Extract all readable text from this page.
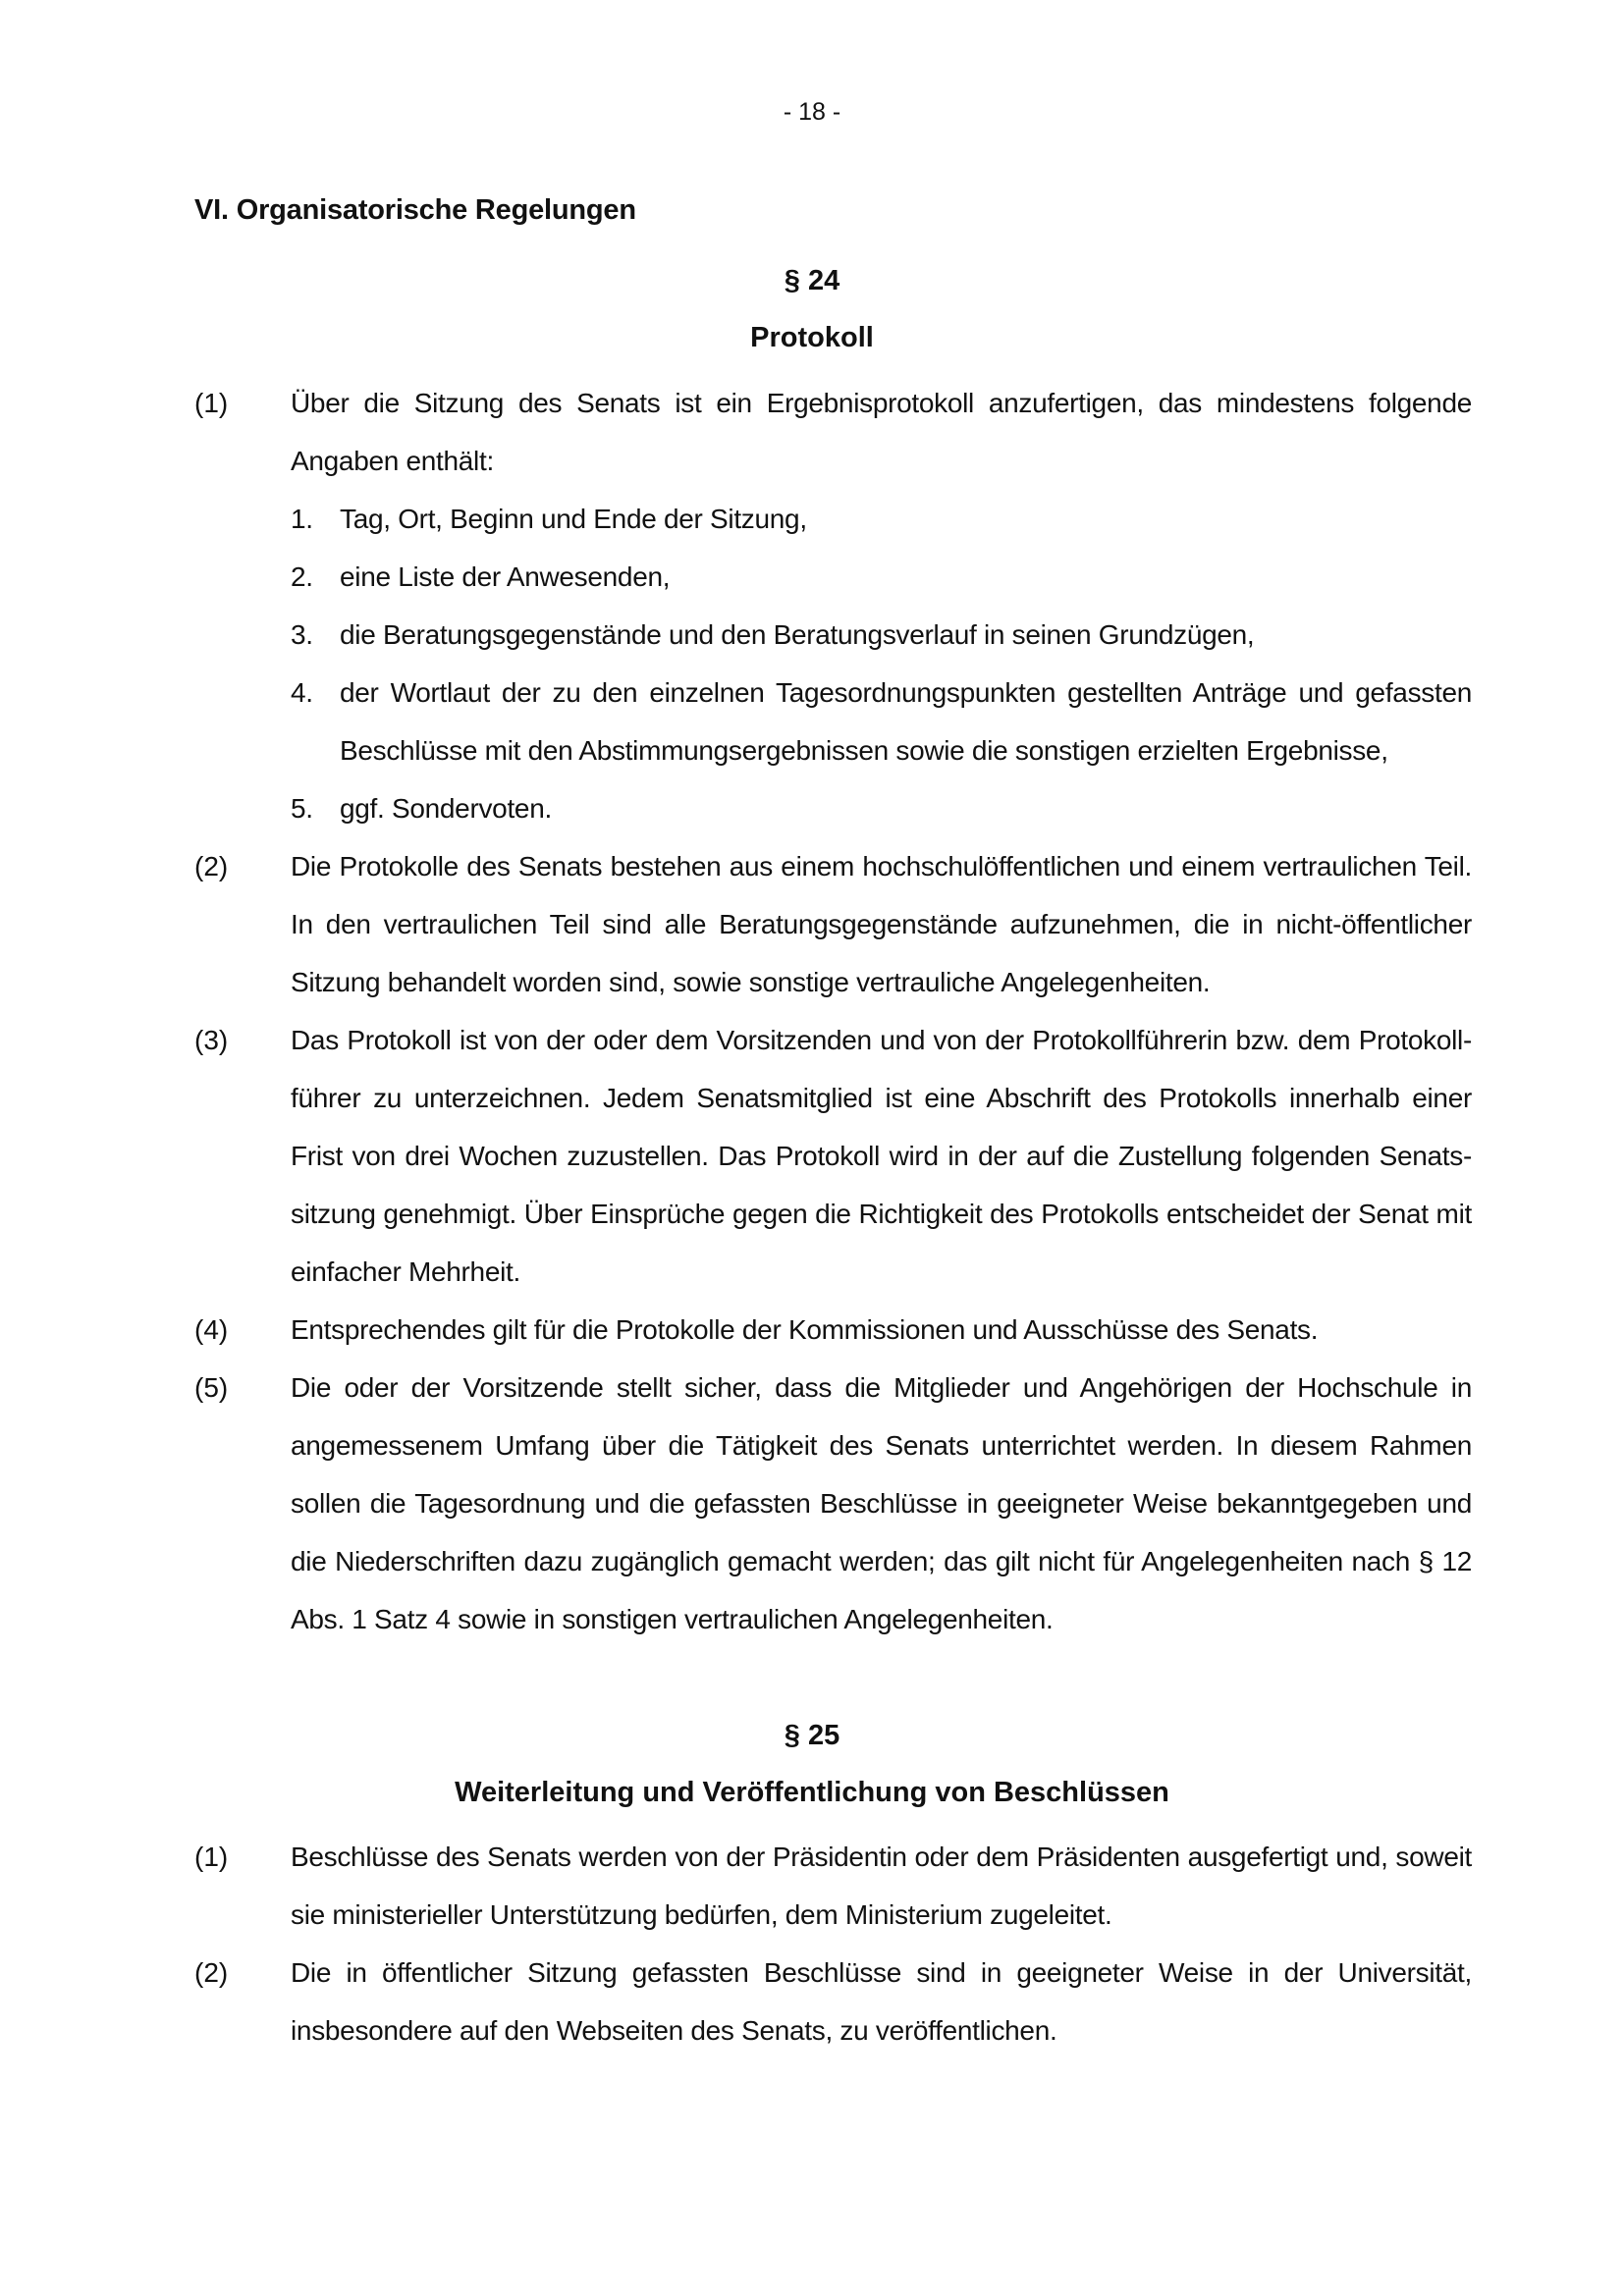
- 18 -
VI. Organisatorische Regelungen
§ 24
Protokoll
(1) Über die Sitzung des Senats ist ein Ergebnisprotokoll anzufertigen, das mindestens folgende Angaben enthält:
1. Tag, Ort, Beginn und Ende der Sitzung,
2. eine Liste der Anwesenden,
3. die Beratungsgegenstände und den Beratungsverlauf in seinen Grundzügen,
4. der Wortlaut der zu den einzelnen Tagesordnungspunkten gestellten Anträge und gefassten Beschlüsse mit den Abstimmungsergebnissen sowie die sonstigen erzielten Ergebnisse,
5. ggf. Sondervoten.
(2) Die Protokolle des Senats bestehen aus einem hochschulöffentlichen und einem vertraulichen Teil. In den vertraulichen Teil sind alle Beratungsgegenstände aufzunehmen, die in nicht-öffentlicher Sitzung behandelt worden sind, sowie sonstige vertrauliche Angelegenheiten.
(3) Das Protokoll ist von der oder dem Vorsitzenden und von der Protokollführerin bzw. dem Protokoll-führer zu unterzeichnen. Jedem Senatsmitglied ist eine Abschrift des Protokolls innerhalb einer Frist von drei Wochen zuzustellen. Das Protokoll wird in der auf die Zustellung folgenden Senats-sitzung genehmigt. Über Einsprüche gegen die Richtigkeit des Protokolls entscheidet der Senat mit einfacher Mehrheit.
(4) Entsprechendes gilt für die Protokolle der Kommissionen und Ausschüsse des Senats.
(5) Die oder der Vorsitzende stellt sicher, dass die Mitglieder und Angehörigen der Hochschule in angemessenem Umfang über die Tätigkeit des Senats unterrichtet werden. In diesem Rahmen sollen die Tagesordnung und die gefassten Beschlüsse in geeigneter Weise bekanntgegeben und die Niederschriften dazu zugänglich gemacht werden; das gilt nicht für Angelegenheiten nach § 12 Abs. 1 Satz 4 sowie in sonstigen vertraulichen Angelegenheiten.
§ 25
Weiterleitung und Veröffentlichung von Beschlüssen
(1) Beschlüsse des Senats werden von der Präsidentin oder dem Präsidenten ausgefertigt und, soweit sie ministerieller Unterstützung bedürfen, dem Ministerium zugeleitet.
(2) Die in öffentlicher Sitzung gefassten Beschlüsse sind in geeigneter Weise in der Universität, insbesondere auf den Webseiten des Senats, zu veröffentlichen.
